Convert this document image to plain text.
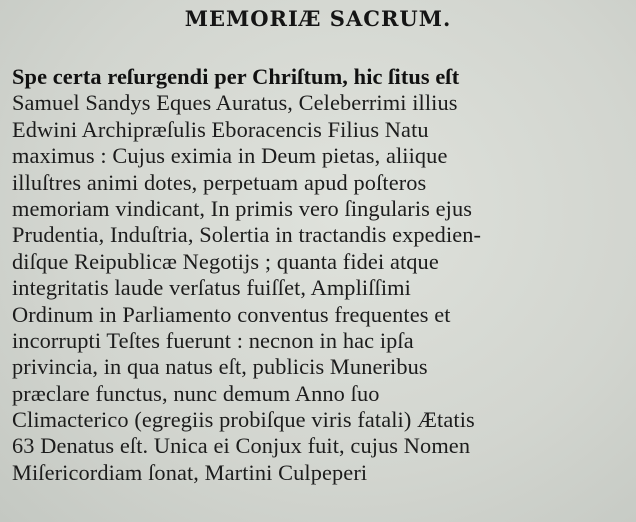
MEMORIÆ SACRUM.
Spe certa reſurgendi per Chriſtum, hic ſitus eſt
Samuel Sandys Eques Auratus, Celeberrimi illius
Edwini Archipræſulis Eboracencis Filius Natu
maximus : Cujus eximia in Deum pietas, aliique
illuſtres animi dotes, perpetuam apud poſteros
memoriam vindicant, In primis vero ſingularis ejus
Prudentia, Induſtria, Solertia in tractandis expedien-
diſque Reipublicæ Negotijs ; quanta fidei atque
integritatis laude verſatus fuiſſet, Ampliſſimi
Ordinum in Parliamento conventus frequentes et
incorrupti Teſtes fuerunt : necnon in hac ipſa
privincia, in qua natus eſt, publicis Muneribus
præclare functus, nunc demum Anno ſuo
Climacterico (egregiis probiſque viris fatali) Ætatis
63 Denatus eſt. Unica ei Conjux fuit, cujus Nomen
Miſericordiam ſonat, Martini Culpeperi
